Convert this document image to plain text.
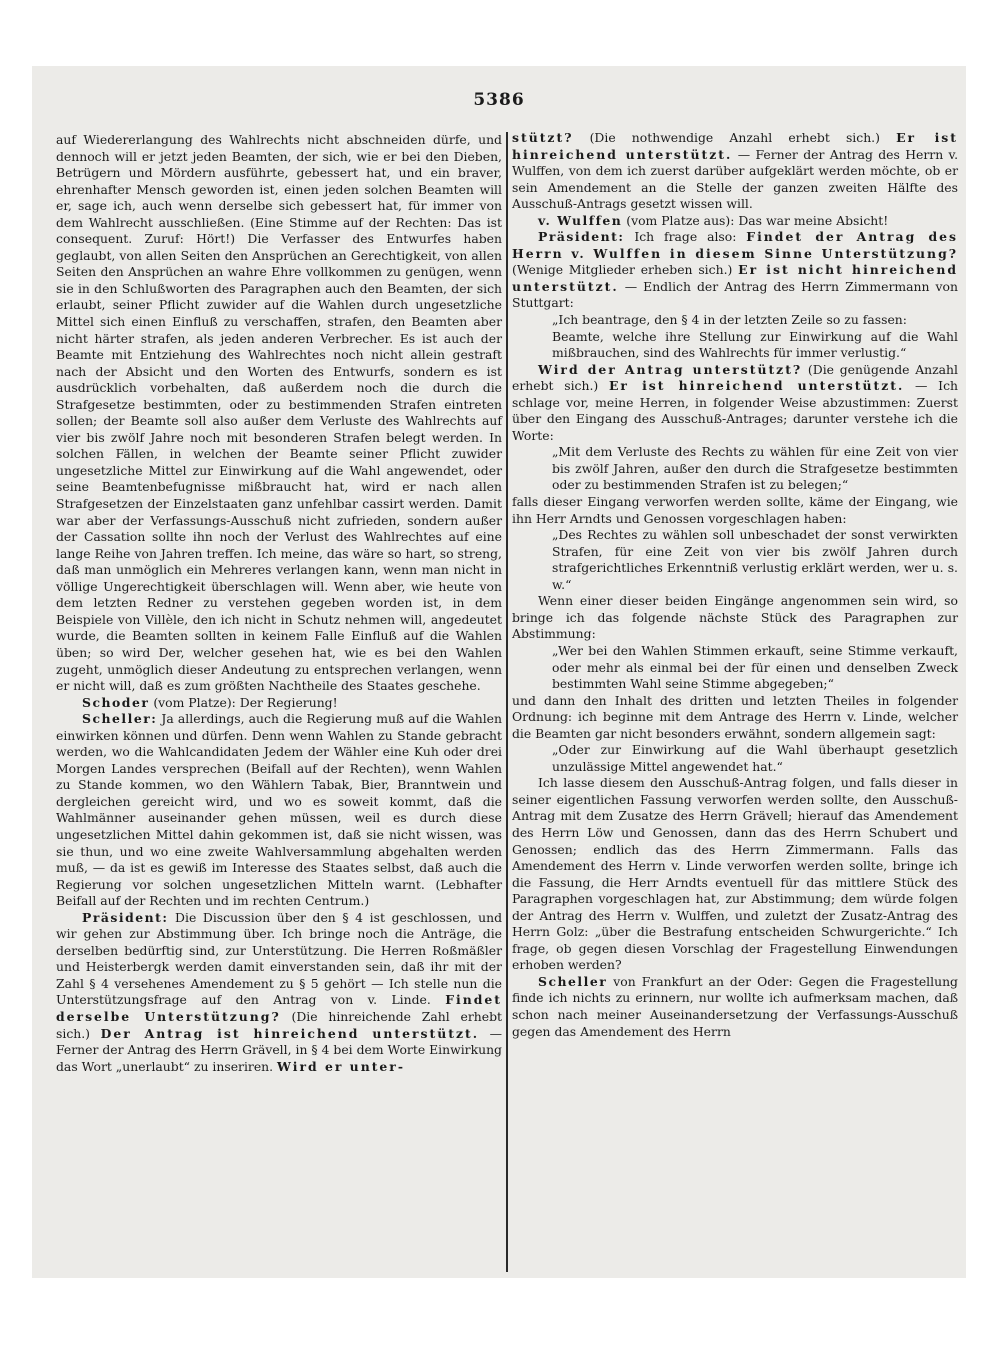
5386

auf Wiedererlangung des Wahlrechts nicht abschneiden dürfe, und dennoch will er jetzt jeden Beamten, der sich, wie er bei den Dieben, Betrügern und Mördern ausführte, gebessert hat, und ein braver, ehrenhafter Mensch geworden ist, einen jeden solchen Beamten will er, sage ich, auch wenn derselbe sich gebessert hat, für immer von dem Wahlrecht ausschließen. (Eine Stimme auf der Rechten: Das ist consequent. Zuruf: Hört!) Die Verfasser des Entwurfes haben geglaubt, von allen Seiten den Ansprüchen an Gerechtigkeit, von allen Seiten den Ansprüchen an wahre Ehre vollkommen zu genügen, wenn sie in den Schlußworten des Paragraphen auch den Beamten, der sich erlaubt, seiner Pflicht zuwider auf die Wahlen durch ungesetzliche Mittel sich einen Einfluß zu verschaffen, strafen, den Beamten aber nicht härter strafen, als jeden anderen Verbrecher. Es ist auch der Beamte mit Entziehung des Wahlrechtes noch nicht allein gestraft nach der Absicht und den Worten des Entwurfs, sondern es ist ausdrücklich vorbehalten, daß außerdem noch die durch die Strafgesetze bestimmten, oder zu bestimmenden Strafen eintreten sollen; der Beamte soll also außer dem Verluste des Wahlrechts auf vier bis zwölf Jahre noch mit besonderen Strafen belegt werden. In solchen Fällen, in welchen der Beamte seiner Pflicht zuwider ungesetzliche Mittel zur Einwirkung auf die Wahl angewendet, oder seine Beamtenbefugnisse mißbraucht hat, wird er nach allen Strafgesetzen der Einzelstaaten ganz unfehlbar cassirt werden. Damit war aber der Verfassungs-Ausschuß nicht zufrieden, sondern außer der Cassation sollte ihn noch der Verlust des Wahlrechtes auf eine lange Reihe von Jahren treffen. Ich meine, das wäre so hart, so streng, daß man unmöglich ein Mehreres verlangen kann, wenn man nicht in völlige Ungerechtigkeit überschlagen will. Wenn aber, wie heute von dem letzten Redner zu verstehen gegeben worden ist, in dem Beispiele von Villèle, den ich nicht in Schutz nehmen will, angedeutet wurde, die Beamten sollten in keinem Falle Einfluß auf die Wahlen üben; so wird Der, welcher gesehen hat, wie es bei den Wahlen zugeht, unmöglich dieser Andeutung zu entsprechen verlangen, wenn er nicht will, daß es zum größten Nachtheile des Staates geschehe.

Schoder (vom Platze): Der Regierung!

Scheller: Ja allerdings, auch die Regierung muß auf die Wahlen einwirken können und dürfen. Denn wenn Wahlen zu Stande gebracht werden, wo die Wahlcandidaten Jedem der Wähler eine Kuh oder drei Morgen Landes versprechen (Beifall auf der Rechten), wenn Wahlen zu Stande kommen, wo den Wählern Tabak, Bier, Branntwein und dergleichen gereicht wird, und wo es soweit kommt, daß die Wahlmänner auseinander gehen müssen, weil es durch diese ungesetzlichen Mittel dahin gekommen ist, daß sie nicht wissen, was sie thun, und wo eine zweite Wahlversammlung abgehalten werden muß, — da ist es gewiß im Interesse des Staates selbst, daß auch die Regierung vor solchen ungesetzlichen Mitteln warnt. (Lebhafter Beifall auf der Rechten und im rechten Centrum.)

Präsident: Die Discussion über den § 4 ist geschlossen, und wir gehen zur Abstimmung über. Ich bringe noch die Anträge, die derselben bedürftig sind, zur Unterstützung. Die Herren Roßmäßler und Heisterbergk werden damit einverstanden sein, daß ihr mit der Zahl § 4 versehenes Amendement zu § 5 gehört — Ich stelle nun die Unterstützungsfrage auf den Antrag von v. Linde. Findet derselbe Unterstützung? (Die hinreichende Zahl erhebt sich.) Der Antrag ist hinreichend unterstützt. — Ferner der Antrag des Herrn Grävell, in § 4 bei dem Worte Einwirkung das Wort „unerlaubt“ zu inseriren. Wird er unter-

stützt? (Die nothwendige Anzahl erhebt sich.) Er ist hinreichend unterstützt. — Ferner der Antrag des Herrn v. Wulffen, von dem ich zuerst darüber aufgeklärt werden möchte, ob er sein Amendement an die Stelle der ganzen zweiten Hälfte des Ausschuß-Antrags gesetzt wissen will.

v. Wulffen (vom Platze aus): Das war meine Absicht!

Präsident: Ich frage also: Findet der Antrag des Herrn v. Wulffen in diesem Sinne Unterstützung? (Wenige Mitglieder erheben sich.) Er ist nicht hinreichend unterstützt. — Endlich der Antrag des Herrn Zimmermann von Stuttgart:

„Ich beantrage, den § 4 in der letzten Zeile so zu fassen:

Beamte, welche ihre Stellung zur Einwirkung auf die Wahl mißbrauchen, sind des Wahlrechts für immer verlustig.“

Wird der Antrag unterstützt? (Die genügende Anzahl erhebt sich.) Er ist hinreichend unterstützt. — Ich schlage vor, meine Herren, in folgender Weise abzustimmen: Zuerst über den Eingang des Ausschuß-Antrages; darunter verstehe ich die Worte:

„Mit dem Verluste des Rechts zu wählen für eine Zeit von vier bis zwölf Jahren, außer den durch die Strafgesetze bestimmten oder zu bestimmenden Strafen ist zu belegen;“

falls dieser Eingang verworfen werden sollte, käme der Eingang, wie ihn Herr Arndts und Genossen vorgeschlagen haben:

„Des Rechtes zu wählen soll unbeschadet der sonst verwirkten Strafen, für eine Zeit von vier bis zwölf Jahren durch strafgerichtliches Erkenntniß verlustig erklärt werden, wer u. s. w.“

Wenn einer dieser beiden Eingänge angenommen sein wird, so bringe ich das folgende nächste Stück des Paragraphen zur Abstimmung:

„Wer bei den Wahlen Stimmen erkauft, seine Stimme verkauft, oder mehr als einmal bei der für einen und denselben Zweck bestimmten Wahl seine Stimme abgegeben;“

und dann den Inhalt des dritten und letzten Theiles in folgender Ordnung: ich beginne mit dem Antrage des Herrn v. Linde, welcher die Beamten gar nicht besonders erwähnt, sondern allgemein sagt:

„Oder zur Einwirkung auf die Wahl überhaupt gesetzlich unzulässige Mittel angewendet hat.“

Ich lasse diesem den Ausschuß-Antrag folgen, und falls dieser in seiner eigentlichen Fassung verworfen werden sollte, den Ausschuß-Antrag mit dem Zusatze des Herrn Grävell; hierauf das Amendement des Herrn Löw und Genossen, dann das des Herrn Schubert und Genossen; endlich das des Herrn Zimmermann. Falls das Amendement des Herrn v. Linde verworfen werden sollte, bringe ich die Fassung, die Herr Arndts eventuell für das mittlere Stück des Paragraphen vorgeschlagen hat, zur Abstimmung; dem würde folgen der Antrag des Herrn v. Wulffen, und zuletzt der Zusatz-Antrag des Herrn Golz: „über die Bestrafung entscheiden Schwurgerichte.“ Ich frage, ob gegen diesen Vorschlag der Fragestellung Einwendungen erhoben werden?

Scheller von Frankfurt an der Oder: Gegen die Fragestellung finde ich nichts zu erinnern, nur wollte ich aufmerksam machen, daß schon nach meiner Auseinandersetzung der Verfassungs-Ausschuß gegen das Amendement des Herrn
